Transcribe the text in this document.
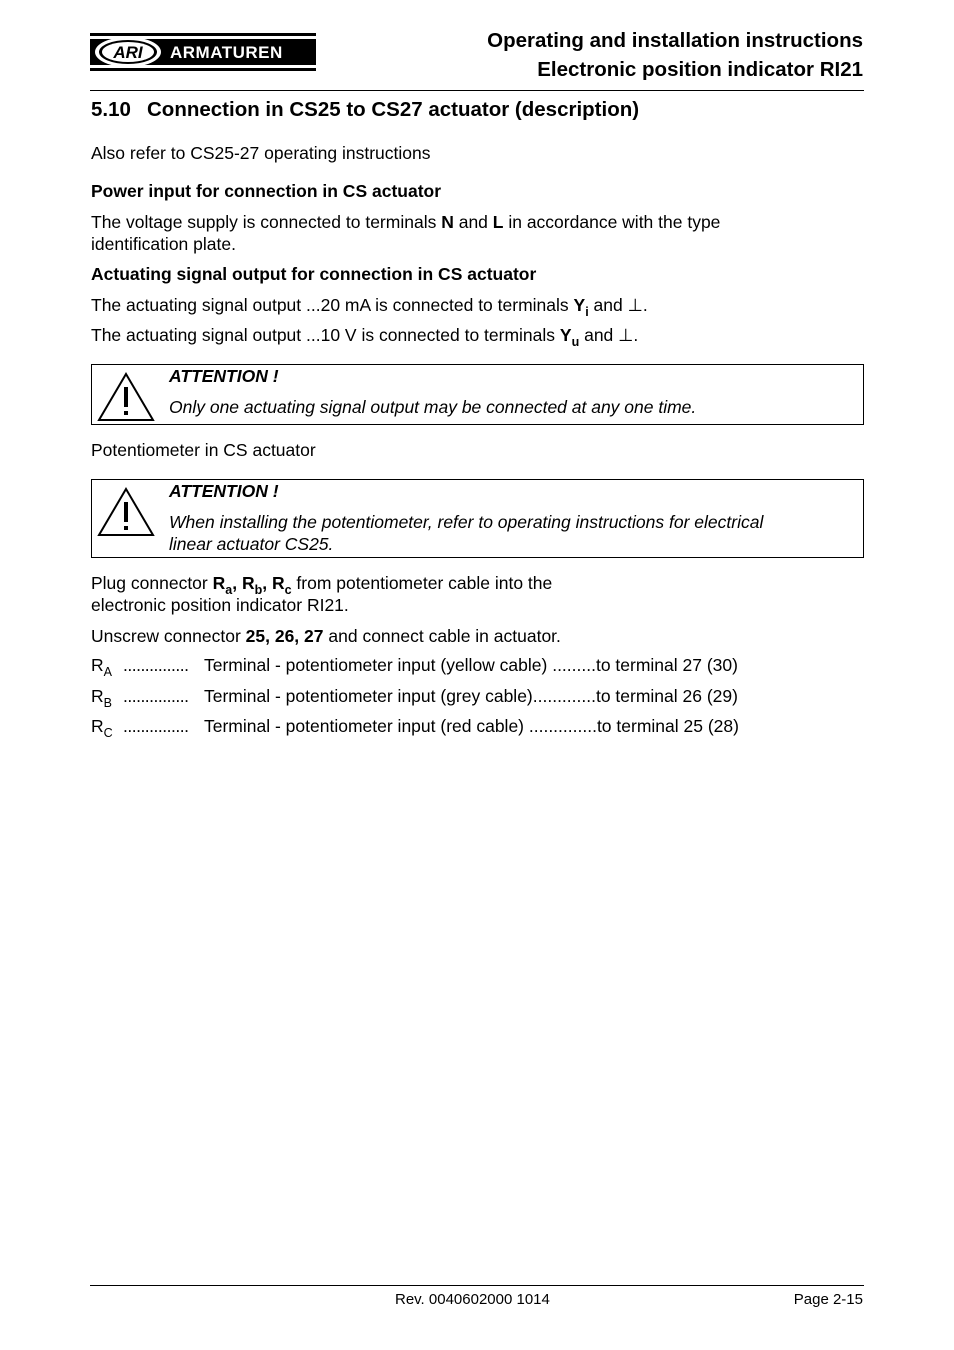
ARI ARMATUREN
Operating and installation instructions
Electronic position indicator RI21
5.10 Connection in CS25 to CS27 actuator (description)
Also refer to CS25-27 operating instructions
Power input for connection in CS actuator
The voltage supply is connected to terminals N and L in accordance with the type
identification plate.
Actuating signal output for connection in CS actuator
The actuating signal output ...20 mA is connected to terminals $Y_i$ and ⊥.
The actuating signal output ...10 V is connected to terminals $Y_u$ and ⊥.
ATTENTION !
Only one actuating signal output may be connected at any one time.
Potentiometer in CS actuator
ATTENTION !
When installing the potentiometer, refer to operating instructions for electrical
linear actuator CS25.
Plug connector $R_a$, $R_b$, $R_c$ from potentiometer cable into the
electronic position indicator RI21.
Unscrew connector 25, 26, 27 and connect cable in actuator.
$R_A$ ............... Terminal - potentiometer input (yellow cable) .........to terminal 27 (30)
$R_B$ ............... Terminal - potentiometer input (grey cable).............to terminal 26 (29)
$R_C$ ............... Terminal - potentiometer input (red cable) ..............to terminal 25 (28)
Rev. 0040602000 1014	Page 2-15
